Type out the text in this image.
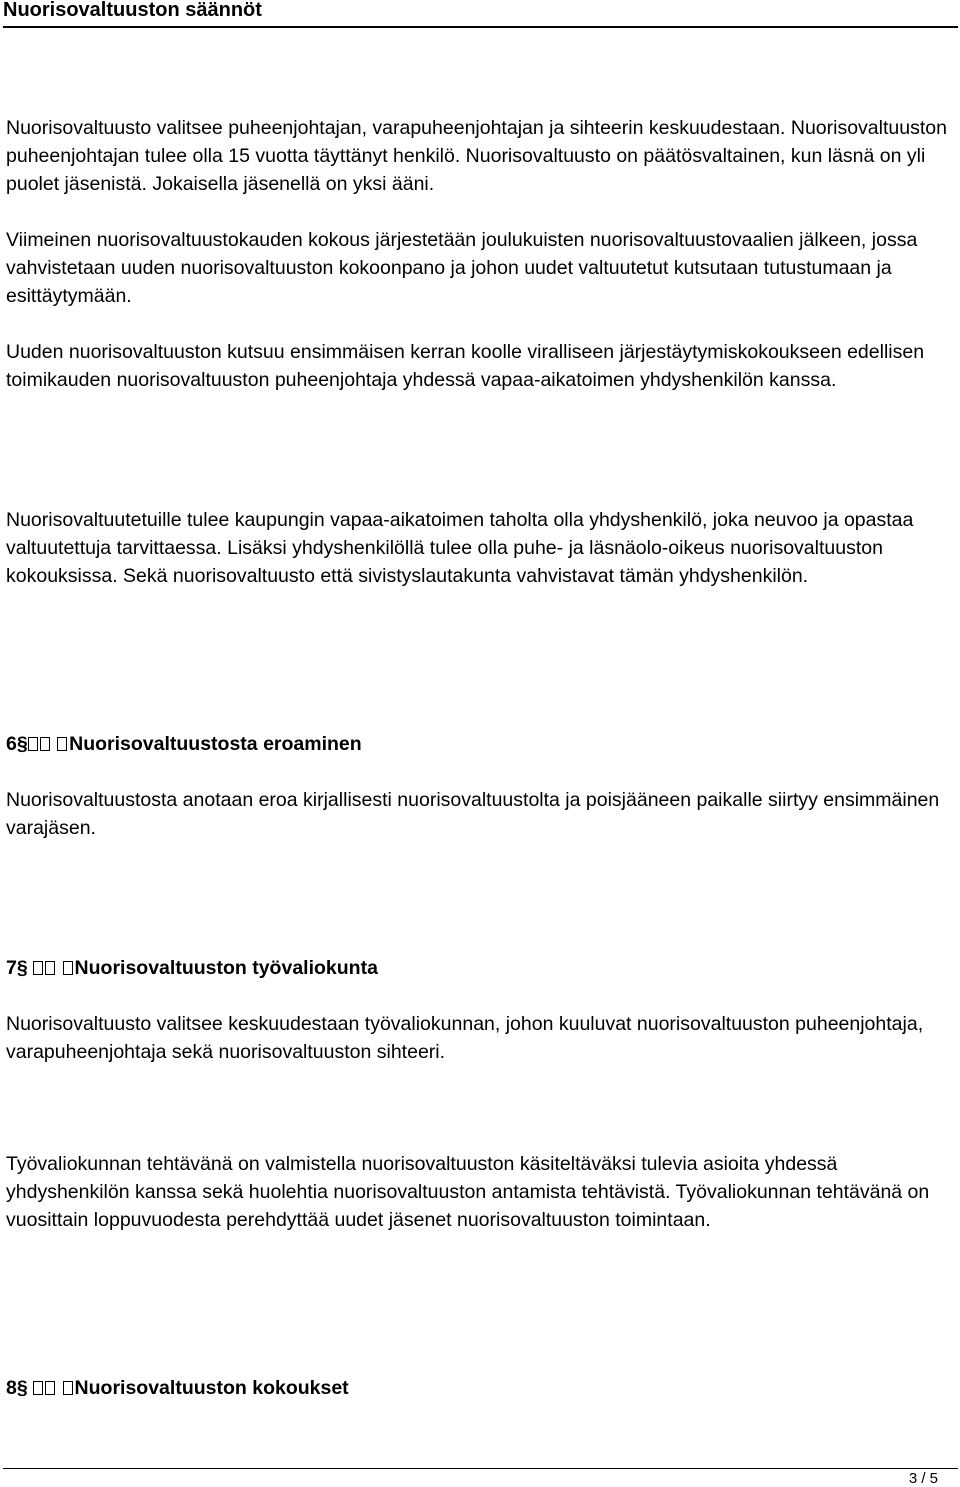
Nuorisovaltuuston säännöt

Nuorisovaltuusto valitsee puheenjohtajan, varapuheenjohtajan ja sihteerin keskuudestaan. Nuorisovaltuuston puheenjohtajan tulee olla 15 vuotta täyttänyt henkilö. Nuorisovaltuusto on päätösvaltainen, kun läsnä on yli puolet jäsenistä. Jokaisella jäsenellä on yksi ääni.

Viimeinen nuorisovaltuustokauden kokous järjestetään joulukuisten nuorisovaltuustovaalien jälkeen, jossa vahvistetaan uuden nuorisovaltuuston kokoonpano ja johon uudet valtuutetut kutsutaan tutustumaan ja esittäytymään.

Uuden nuorisovaltuuston kutsuu ensimmäisen kerran koolle viralliseen järjestäytymiskokoukseen edellisen toimikauden nuorisovaltuuston puheenjohtaja yhdessä vapaa-aikatoimen yhdyshenkilön kanssa.

Nuorisovaltuutetuille tulee kaupungin vapaa-aikatoimen taholta olla yhdyshenkilö, joka neuvoo ja opastaa valtuutettuja tarvittaessa. Lisäksi yhdyshenkilöllä tulee olla puhe- ja läsnäolo-oikeus nuorisovaltuuston kokouksissa. Sekä nuorisovaltuusto että sivistyslautakunta vahvistavat tämän yhdyshenkilön.

6§ Nuorisovaltuustosta eroaminen

Nuorisovaltuustosta anotaan eroa kirjallisesti nuorisovaltuustolta ja poisjääneen paikalle siirtyy ensimmäinen varajäsen.

7§ Nuorisovaltuuston työvaliokunta

Nuorisovaltuusto valitsee keskuudestaan työvaliokunnan, johon kuuluvat nuorisovaltuuston puheenjohtaja, varapuheenjohtaja sekä nuorisovaltuuston sihteeri.

Työvaliokunnan tehtävänä on valmistella nuorisovaltuuston käsiteltäväksi tulevia asioita yhdessä yhdyshenkilön kanssa sekä huolehtia nuorisovaltuuston antamista tehtävistä. Työvaliokunnan tehtävänä on vuosittain loppuvuodesta perehdyttää uudet jäsenet nuorisovaltuuston toimintaan.

8§ Nuorisovaltuuston kokoukset
3 / 5
